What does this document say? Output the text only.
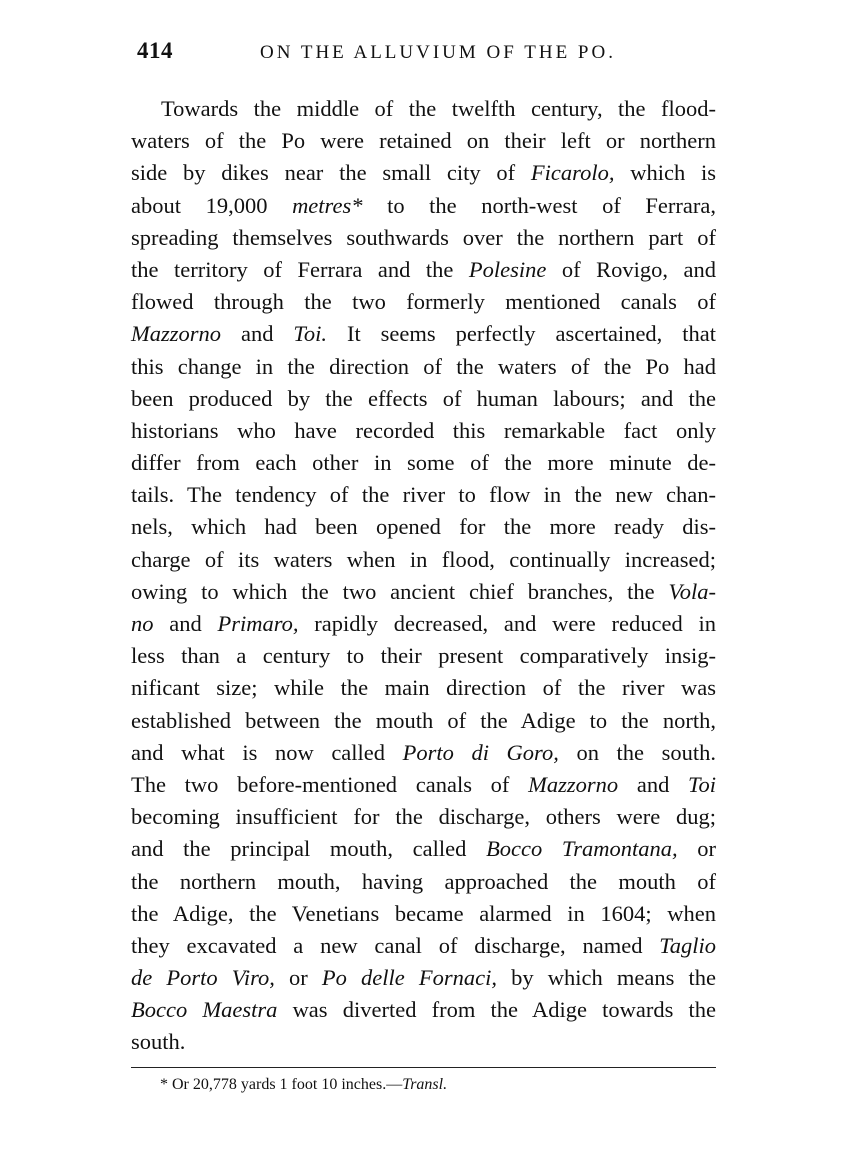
414	ON THE ALLUVIUM OF THE PO.
Towards the middle of the twelfth century, the flood-
waters of the Po were retained on their left or northern
side by dikes near the small city of Ficarolo, which is
about 19,000 metres* to the north-west of Ferrara,
spreading themselves southwards over the northern part of
the territory of Ferrara and the Polesine of Rovigo, and
flowed through the two formerly mentioned canals of
Mazzorno and Toi. It seems perfectly ascertained, that
this change in the direction of the waters of the Po had
been produced by the effects of human labours; and the
historians who have recorded this remarkable fact only
differ from each other in some of the more minute de-
tails. The tendency of the river to flow in the new chan-
nels, which had been opened for the more ready dis-
charge of its waters when in flood, continually increased;
owing to which the two ancient chief branches, the Vola-
no and Primaro, rapidly decreased, and were reduced in
less than a century to their present comparatively insig-
nificant size; while the main direction of the river was
established between the mouth of the Adige to the north,
and what is now called Porto di Goro, on the south.
The two before-mentioned canals of Mazzorno and Toi
becoming insufficient for the discharge, others were dug;
and the principal mouth, called Bocco Tramontana, or
the northern mouth, having approached the mouth of
the Adige, the Venetians became alarmed in 1604; when
they excavated a new canal of discharge, named Taglio
de Porto Viro, or Po delle Fornaci, by which means the
Bocco Maestra was diverted from the Adige towards the
south.
* Or 20,778 yards 1 foot 10 inches.—Transl.
